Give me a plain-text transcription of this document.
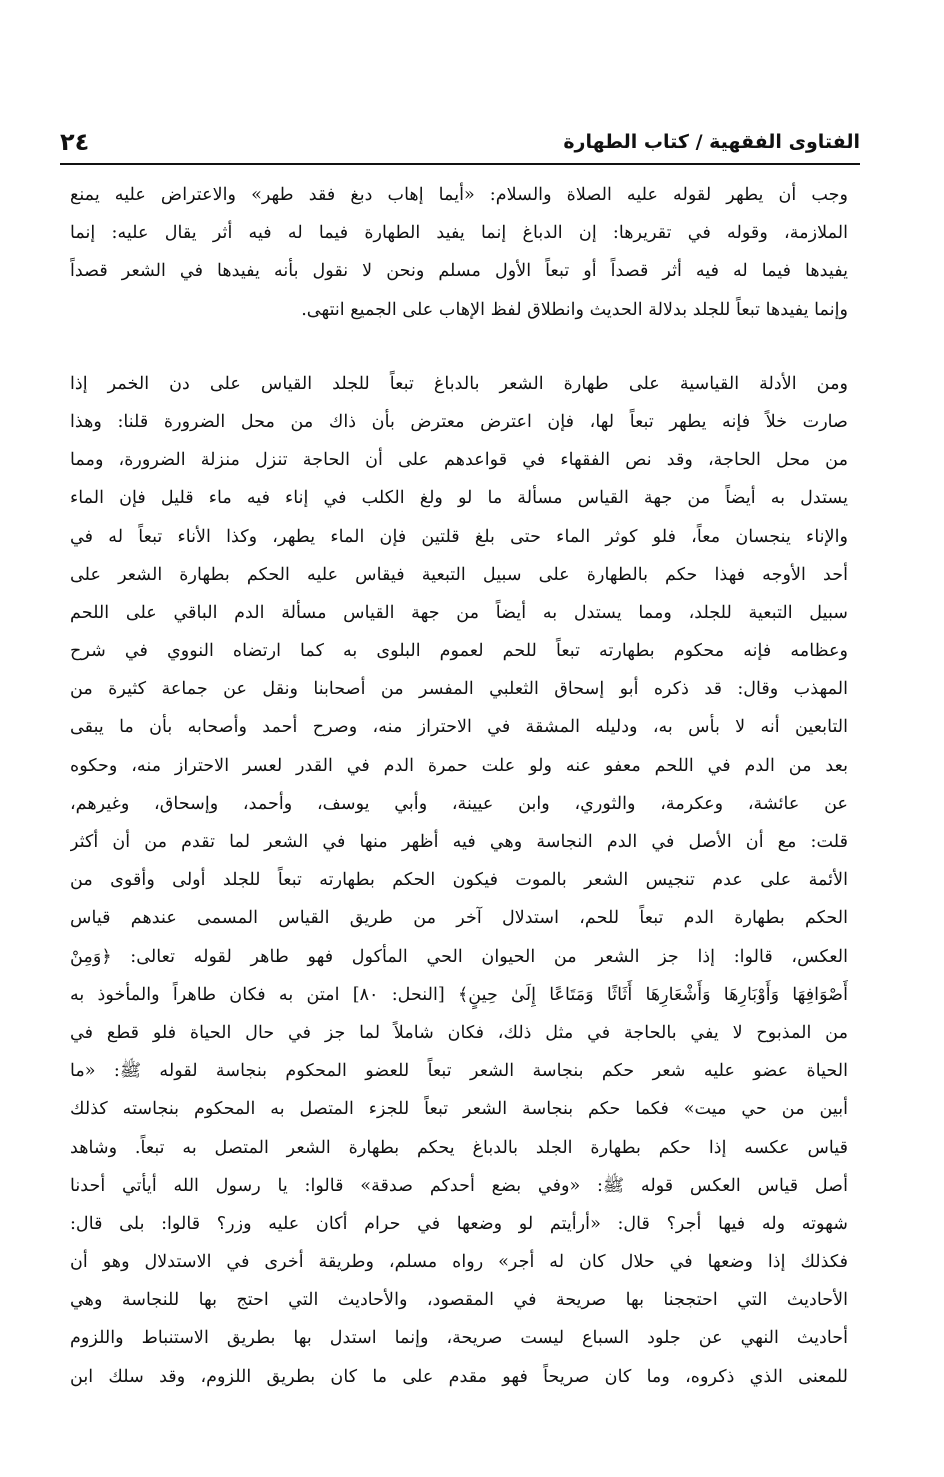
الفتاوى الفقهية / كتاب الطهارة
٢٤
وجب أن يطهر لقوله عليه الصلاة والسلام: «أيما إهاب دبغ فقد طهر» والاعتراض عليه يمنع
الملازمة، وقوله في تقريرها: إن الدباغ إنما يفيد الطهارة فيما له فيه أثر يقال عليه: إنما
يفيدها فيما له فيه أثر قصداً أو تبعاً الأول مسلم ونحن لا نقول بأنه يفيدها في الشعر قصداً
وإنما يفيدها تبعاً للجلد بدلالة الحديث وانطلاق لفظ الإهاب على الجميع انتهى.
ومن الأدلة القياسية على طهارة الشعر بالدباغ تبعاً للجلد القياس على دن الخمر إذا
صارت خلاً فإنه يطهر تبعاً لها، فإن اعترض معترض بأن ذاك من محل الضرورة قلنا: وهذا
من محل الحاجة، وقد نص الفقهاء في قواعدهم على أن الحاجة تنزل منزلة الضرورة، ومما
يستدل به أيضاً من جهة القياس مسألة ما لو ولغ الكلب في إناء فيه ماء قليل فإن الماء
والإناء ينجسان معاً، فلو كوثر الماء حتى بلغ قلتين فإن الماء يطهر، وكذا الأناء تبعاً له في
أحد الأوجه فهذا حكم بالطهارة على سبيل التبعية فيقاس عليه الحكم بطهارة الشعر على
سبيل التبعية للجلد، ومما يستدل به أيضاً من جهة القياس مسألة الدم الباقي على اللحم
وعظامه فإنه محكوم بطهارته تبعاً للحم لعموم البلوى به كما ارتضاه النووي في شرح
المهذب وقال: قد ذكره أبو إسحاق الثعلبي المفسر من أصحابنا ونقل عن جماعة كثيرة من
التابعين أنه لا بأس به، ودليله المشقة في الاحتراز منه، وصرح أحمد وأصحابه بأن ما يبقى
بعد من الدم في اللحم معفو عنه ولو علت حمرة الدم في القدر لعسر الاحتراز منه، وحكوه
عن عائشة، وعكرمة، والثوري، وابن عيينة، وأبي يوسف، وأحمد، وإسحاق، وغيرهم،
قلت: مع أن الأصل في الدم النجاسة وهي فيه أظهر منها في الشعر لما تقدم من أن أكثر
الأئمة على عدم تنجيس الشعر بالموت فيكون الحكم بطهارته تبعاً للجلد أولى وأقوى من
الحكم بطهارة الدم تبعاً للحم، استدلال آخر من طريق القياس المسمى عندهم قياس
العكس، قالوا: إذا جز الشعر من الحيوان الحي المأكول فهو طاهر لقوله تعالى: ﴿وَمِنْ
أَصْوَافِهَا وَأَوْبَارِهَا وَأَشْعَارِهَا أَثَاثًا وَمَتَاعًا إِلَىٰ حِينٍ﴾ [النحل: ٨٠] امتن به فكان طاهراً والمأخوذ به
من المذبوح لا يفي بالحاجة في مثل ذلك، فكان شاملاً لما جز في حال الحياة فلو قطع في
الحياة عضو عليه شعر حكم بنجاسة الشعر تبعاً للعضو المحكوم بنجاسة لقوله ﷺ: «ما
أبين من حي ميت» فكما حكم بنجاسة الشعر تبعاً للجزء المتصل به المحكوم بنجاسته كذلك
قياس عكسه إذا حكم بطهارة الجلد بالدباغ يحكم بطهارة الشعر المتصل به تبعاً. وشاهد
أصل قياس العكس قوله ﷺ: «وفي بضع أحدكم صدقة» قالوا: يا رسول الله أيأتي أحدنا
شهوته وله فيها أجر؟ قال: «أرأيتم لو وضعها في حرام أكان عليه وزر؟ قالوا: بلى قال:
فكذلك إذا وضعها في حلال كان له أجر» رواه مسلم، وطريقة أخرى في الاستدلال وهو أن
الأحاديث التي احتججنا بها صريحة في المقصود، والأحاديث التي احتج بها للنجاسة وهي
أحاديث النهي عن جلود السباع ليست صريحة، وإنما استدل بها بطريق الاستنباط واللزوم
للمعنى الذي ذكروه، وما كان صريحاً فهو مقدم على ما كان بطريق اللزوم، وقد سلك ابن
